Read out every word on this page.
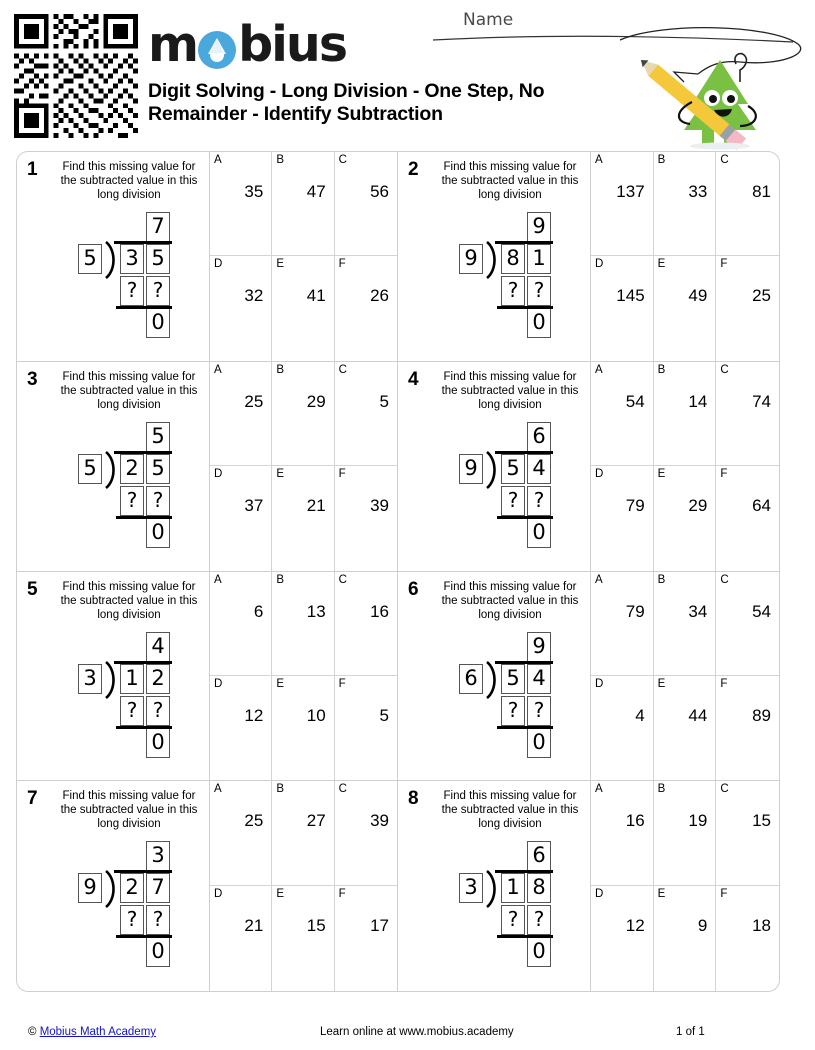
m bius
Digit Solving - Long Division - One Step, No Remainder - Identify Subtraction
Name
1	Find this missing value for the subtracted value in this long division
7
5 3 5
? ?
0
A
35
B
47
C
56
D
32
E
41
F
26
2	Find this missing value for the subtracted value in this long division
9
9 8 1
? ?
0
A
137
B
33
C
81
D
145
E
49
F
25
3	Find this missing value for the subtracted value in this long division
5
5 2 5
? ?
0
A
25
B
29
C
5
D
37
E
21
F
39
4	Find this missing value for the subtracted value in this long division
6
9 5 4
? ?
0
A
54
B
14
C
74
D
79
E
29
F
64
5	Find this missing value for the subtracted value in this long division
4
3 1 2
? ?
0
A
6
B
13
C
16
D
12
E
10
F
5
6	Find this missing value for the subtracted value in this long division
9
6 5 4
? ?
0
A
79
B
34
C
54
D
4
E
44
F
89
7	Find this missing value for the subtracted value in this long division
3
9 2 7
? ?
0
A
25
B
27
C
39
D
21
E
15
F
17
8	Find this missing value for the subtracted value in this long division
6
3 1 8
? ?
0
A
16
B
19
C
15
D
12
E
9
F
18
© Mobius Math Academy	Learn online at www.mobius.academy	1 of 1
